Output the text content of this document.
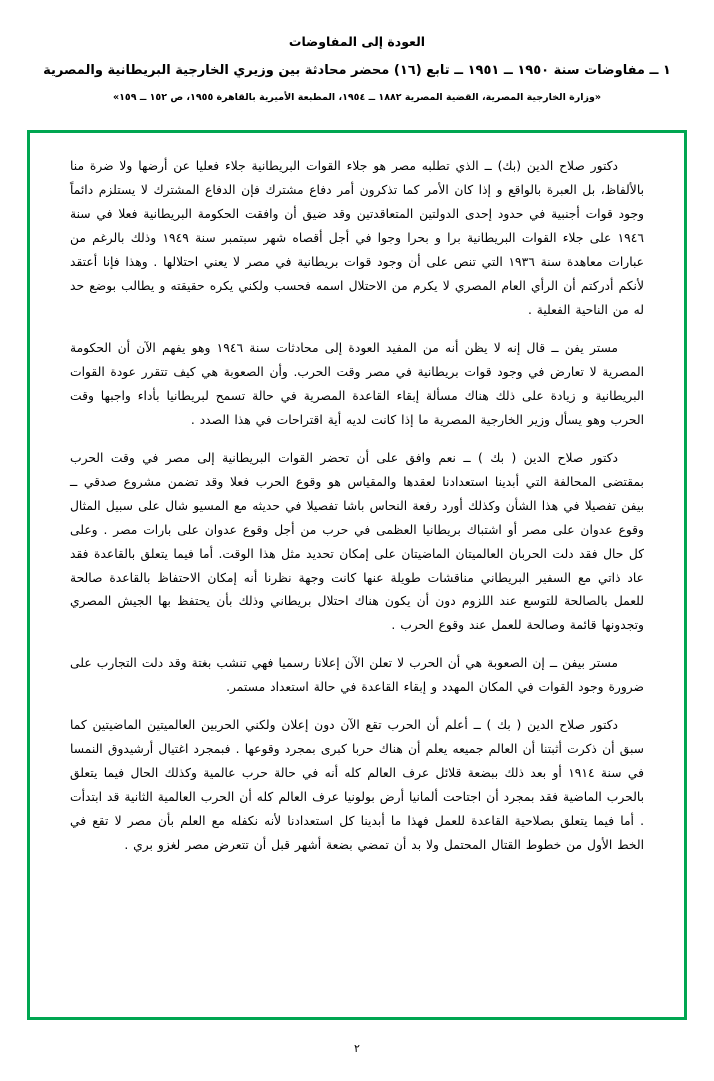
العودة إلى المفاوضات
١ ــ مفاوضات سنة ١٩٥٠ ــ ١٩٥١ ــ تابع (١٦) محضر محادثة بين وزيري الخارجية البريطانية والمصرية
«وزارة الخارجية المصرية، القضية المصرية ١٨٨٢ ــ ١٩٥٤، المطبعة الأميرية بالقاهرة ١٩٥٥، ص ١٥٢ ــ ١٥٩»

دكتور صلاح الدين (بك) ــ الذي تطلبه مصر هو جلاء القوات البريطانية جلاء فعليا عن أرضها ولا ضرة منا بالألفاظ، بل العبرة بالواقع و إذا كان الأمر كما تذكرون أمر دفاع مشترك فإن الدفاع المشترك لا يستلزم دائماً وجود قوات أجنبية في حدود إحدى الدولتين المتعاقدتين وقد ضيق أن وافقت الحكومة البريطانية فعلا في سنة ١٩٤٦ على جلاء القوات البريطانية برا و بحرا وجوا في أجل أقصاه شهر سبتمبر سنة ١٩٤٩ وذلك بالرغم من عبارات معاهدة سنة ١٩٣٦ التي تنص على أن وجود قوات بريطانية في مصر لا يعني احتلالها . وهذا فإنا أعتقد لأنكم أدركتم أن الرأي العام المصري لا يكرم من الاحتلال اسمه فحسب ولكني يكره حقيقته و يطالب بوضع حد له من الناحية الفعلية .

مستر يفن ــ قال إنه لا يظن أنه من المفيد العودة إلى محادثات سنة ١٩٤٦ وهو يفهم الآن أن الحكومة المصرية لا تعارض في وجود قوات بريطانية في مصر وقت الحرب. وأن الصعوبة هي كيف تتقرر عودة القوات البريطانية و زيادة على ذلك هناك مسألة إبقاء القاعدة المصرية في حالة تسمح لبريطانيا بأداء واجبها وقت الحرب وهو يسأل وزير الخارجية المصرية ما إذا كانت لديه أية اقتراحات في هذا الصدد .

دكتور صلاح الدين ( بك ) ــ نعم وافق على أن تحضر القوات البريطانية إلى مصر في وقت الحرب بمقتضى المحالفة التي أبدينا استعدادنا لعقدها والمقياس هو وقوع الحرب فعلا وقد تضمن مشروع صدقي ــ بيفن تفصيلا في هذا الشأن وكذلك أورد رفعة النحاس باشا تفصيلا في حديثه مع المسيو شال على سبيل المثال وقوع عدوان على مصر أو اشتباك بريطانيا العظمى في حرب من أجل وقوع عدوان على بارات مصر . وعلى كل حال فقد دلت الحربان العالميتان الماضيتان على إمكان تحديد مثل هذا الوقت. أما فيما يتعلق بالقاعدة فقد عاد ذاتي مع السفير البريطاني مناقشات طويلة عنها كانت وجهة نظرنا أنه إمكان الاحتفاظ بالقاعدة صالحة للعمل بالصالحة للتوسع عند اللزوم دون أن يكون هناك احتلال بريطاني وذلك بأن يحتفظ بها الجيش المصري وتجدونها قائمة وصالحة للعمل عند وقوع الحرب .

مستر بيفن ــ إن الصعوبة هي أن الحرب لا تعلن الآن إعلانا رسميا فهي تنشب بغتة وقد دلت التجارب على ضرورة وجود القوات في المكان المهدد و إبقاء القاعدة في حالة استعداد مستمر.

دكتور صلاح الدين ( بك ) ــ أعلم أن الحرب تقع الآن دون إعلان ولكني الحربين العالميتين الماضيتين كما سبق أن ذكرت أثبتنا أن العالم جميعه يعلم أن هناك حربا كبرى بمجرد وقوعها . فبمجرد اغتيال أرشيدوق النمسا في سنة ١٩١٤ أو بعد ذلك ببضعة قلائل عرف العالم كله أنه في حالة حرب عالمية وكذلك الحال فيما يتعلق بالحرب الماضية فقد بمجرد أن اجتاحت ألمانيا أرض بولونيا عرف العالم كله أن الحرب العالمية الثانية قد ابتدأت . أما فيما يتعلق بصلاحية القاعدة للعمل فهذا ما أبدينا كل استعدادنا لأنه نكفله مع العلم بأن مصر لا تقع في الخط الأول من خطوط القتال المحتمل ولا بد أن تمضي بضعة أشهر قبل أن تتعرض مصر لغزو بري .

٢
